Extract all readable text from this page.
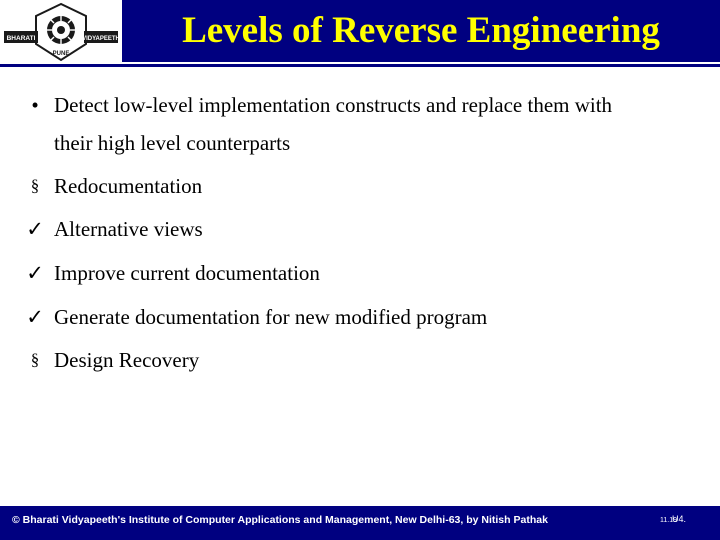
BHARATI	VIDYAPEETH
PUNE
Levels of Reverse Engineering
• Detect low-level implementation constructs and replace them with
their high level counterparts
§ Redocumentation
✓ Alternative views
✓ Improve current documentation
✓ Generate documentation for new modified program
§ Design Recovery
© Bharati Vidyapeeth's Institute of Computer Applications and Management, New Delhi-63, by Nitish Pathak	11.19
U4.
